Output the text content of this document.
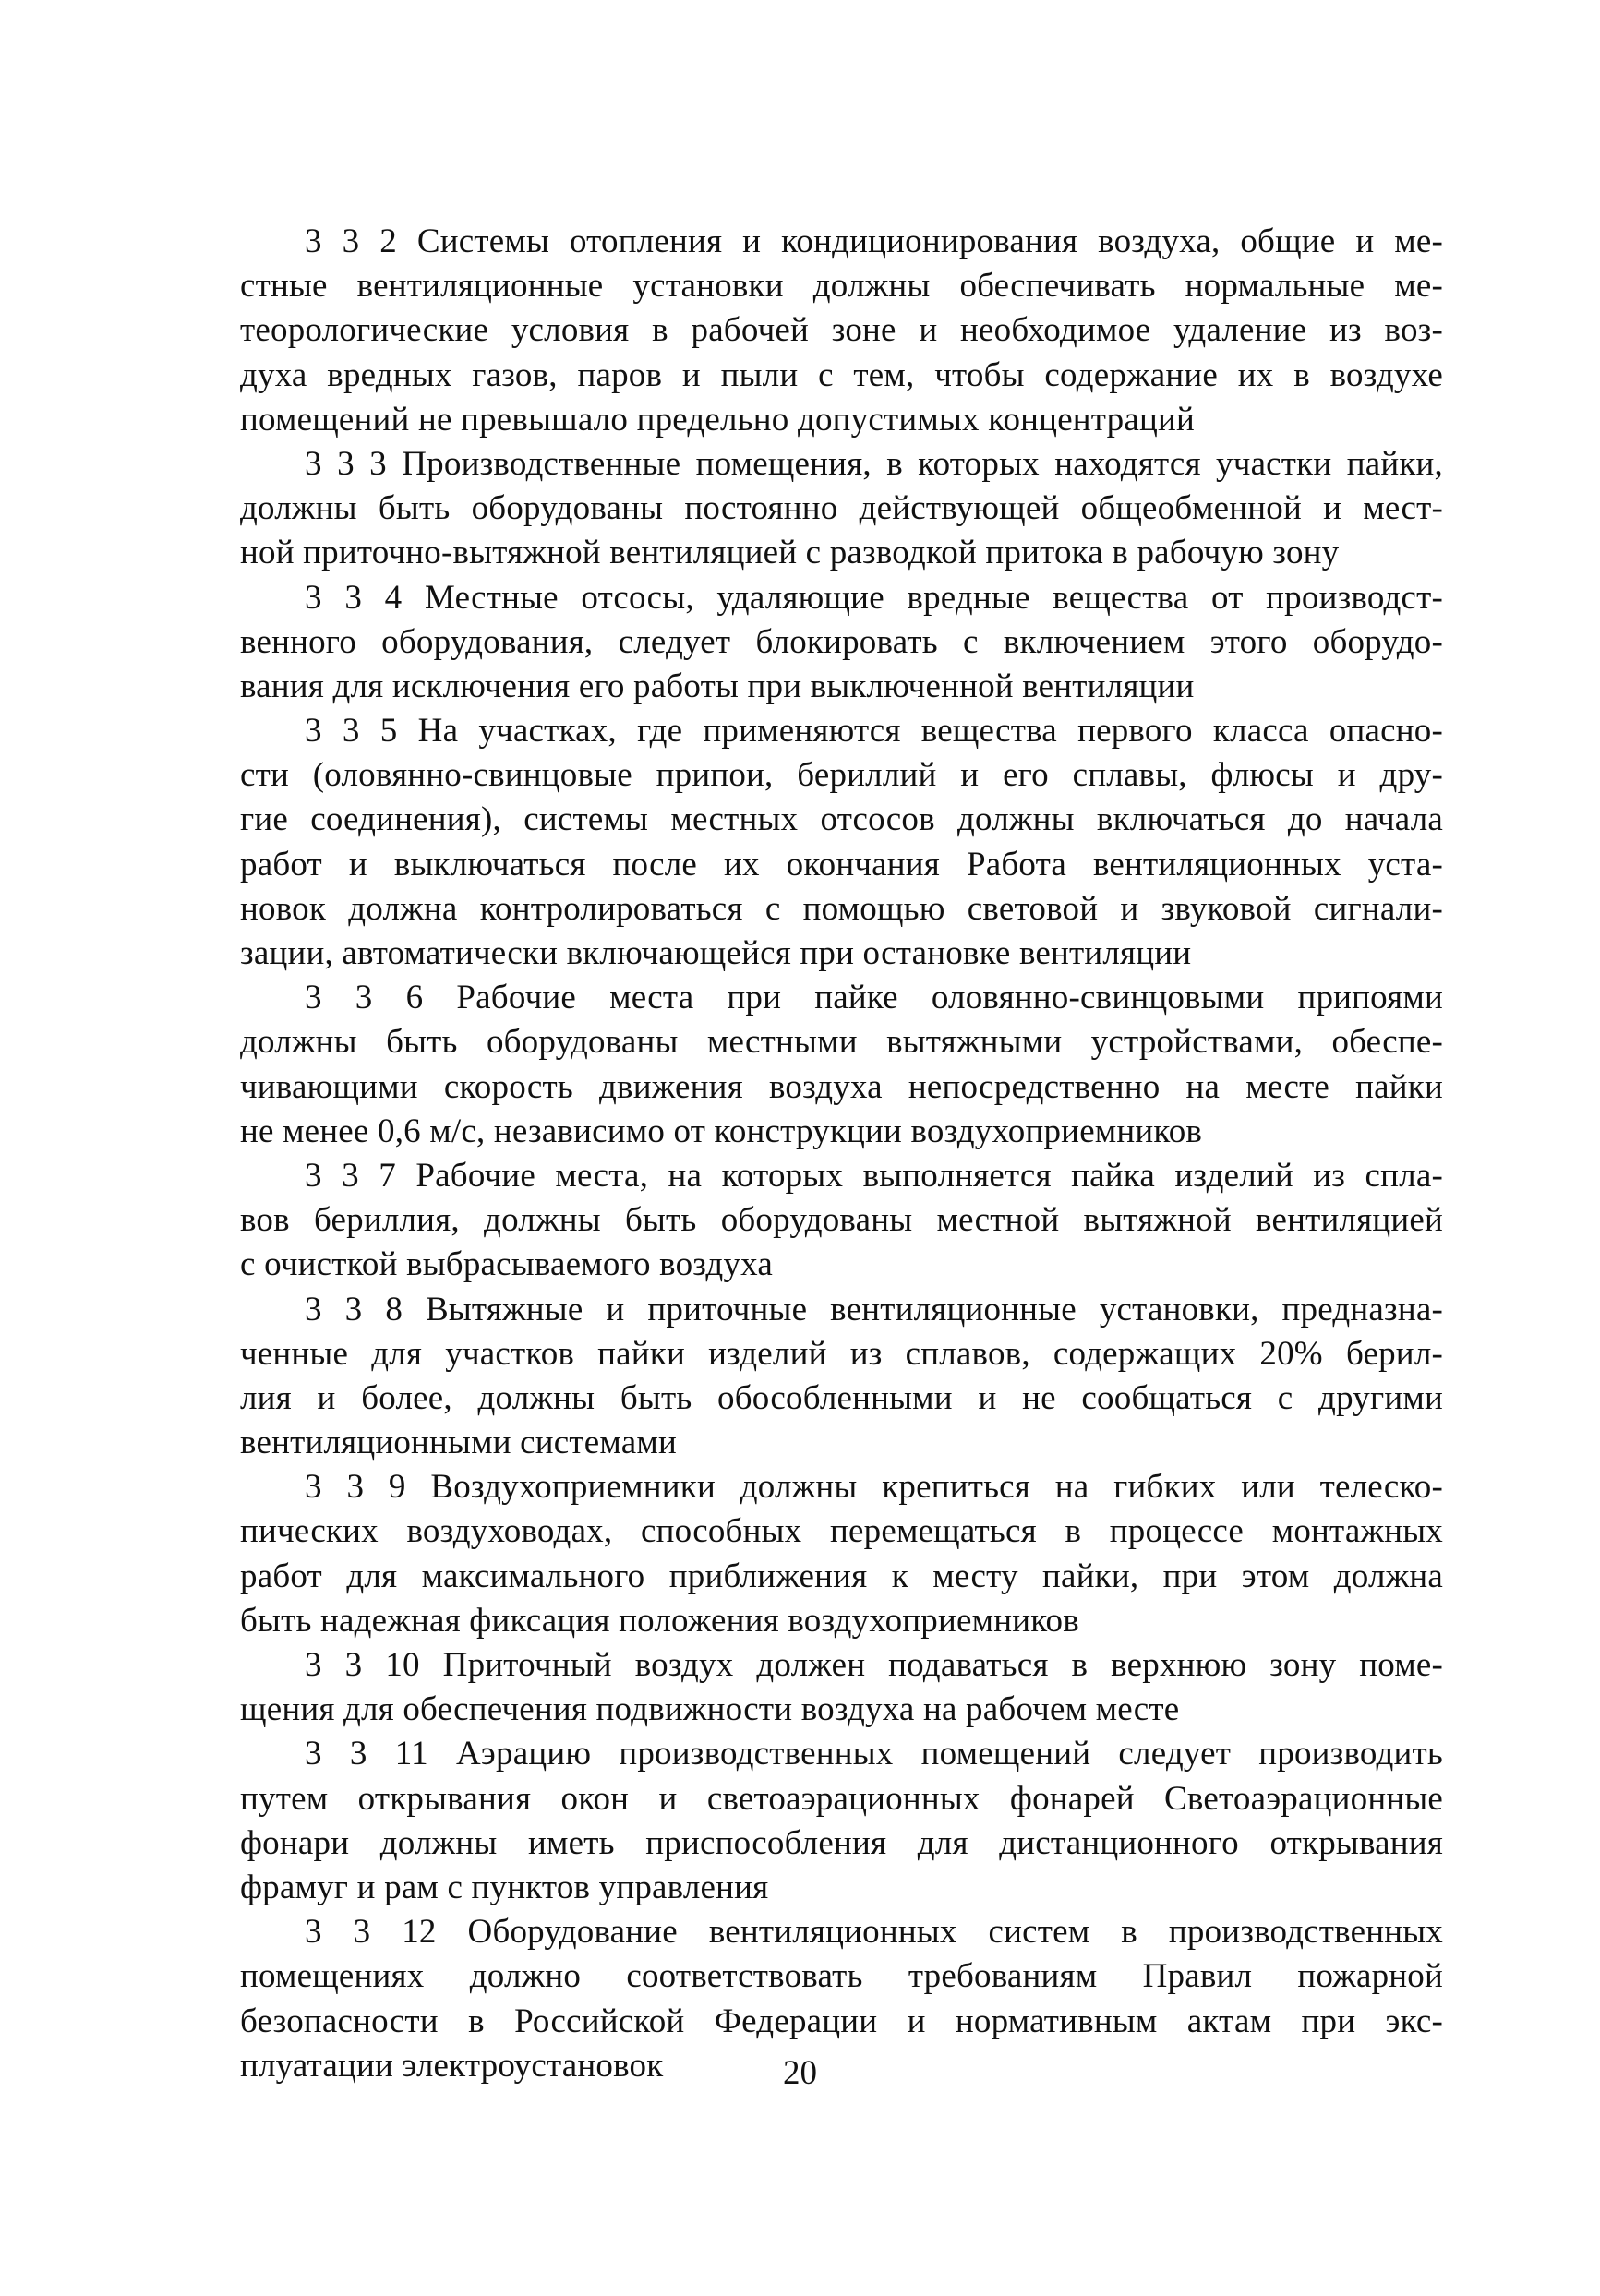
3 3 2 Системы отопления и кондиционирования воздуха, общие и ме-
стные вентиляционные установки должны обеспечивать нормальные ме-
теорологические условия в рабочей зоне и необходимое удаление из воз-
духа вредных газов, паров и пыли с тем, чтобы содержание их в воздухе
помещений не превышало предельно допустимых концентраций
3 3 3 Производственные помещения, в которых находятся участки пайки,
должны быть оборудованы постоянно действующей общеобменной и мест-
ной приточно-вытяжной вентиляцией с разводкой притока в рабочую зону
3 3 4 Местные отсосы, удаляющие вредные вещества от производст-
венного оборудования, следует блокировать с включением этого оборудо-
вания для исключения его работы при выключенной вентиляции
3 3 5 На участках, где применяются вещества первого класса опасно-
сти (оловянно-свинцовые припои, бериллий и его сплавы, флюсы и дру-
гие соединения), системы местных отсосов должны включаться до начала
работ и выключаться после их окончания Работа вентиляционных уста-
новок должна контролироваться с помощью световой и звуковой сигнали-
зации, автоматически включающейся при остановке вентиляции
3 3 6 Рабочие места при пайке оловянно-свинцовыми припоями
должны быть оборудованы местными вытяжными устройствами, обеспе-
чивающими скорость движения воздуха непосредственно на месте пайки
не менее 0,6 м/с, независимо от конструкции воздухоприемников
3 3 7 Рабочие места, на которых выполняется пайка изделий из спла-
вов бериллия, должны быть оборудованы местной вытяжной вентиляцией
с очисткой выбрасываемого воздуха
3 3 8 Вытяжные и приточные вентиляционные установки, предназна-
ченные для участков пайки изделий из сплавов, содержащих 20% берил-
лия и более, должны быть обособленными и не сообщаться с другими
вентиляционными системами
3 3 9 Воздухоприемники должны крепиться на гибких или телеско-
пических воздуховодах, способных перемещаться в процессе монтажных
работ для максимального приближения к месту пайки, при этом должна
быть надежная фиксация положения воздухоприемников
3 3 10 Приточный воздух должен подаваться в верхнюю зону поме-
щения для обеспечения подвижности воздуха на рабочем месте
3 3 11 Аэрацию производственных помещений следует производить
путем открывания окон и светоаэрационных фонарей Светоаэрационные
фонари должны иметь приспособления для дистанционного открывания
фрамуг и рам с пунктов управления
3 3 12 Оборудование вентиляционных систем в производственных
помещениях должно соответствовать требованиям Правил пожарной
безопасности в Российской Федерации и нормативным актам при экс-
плуатации электроустановок	20
